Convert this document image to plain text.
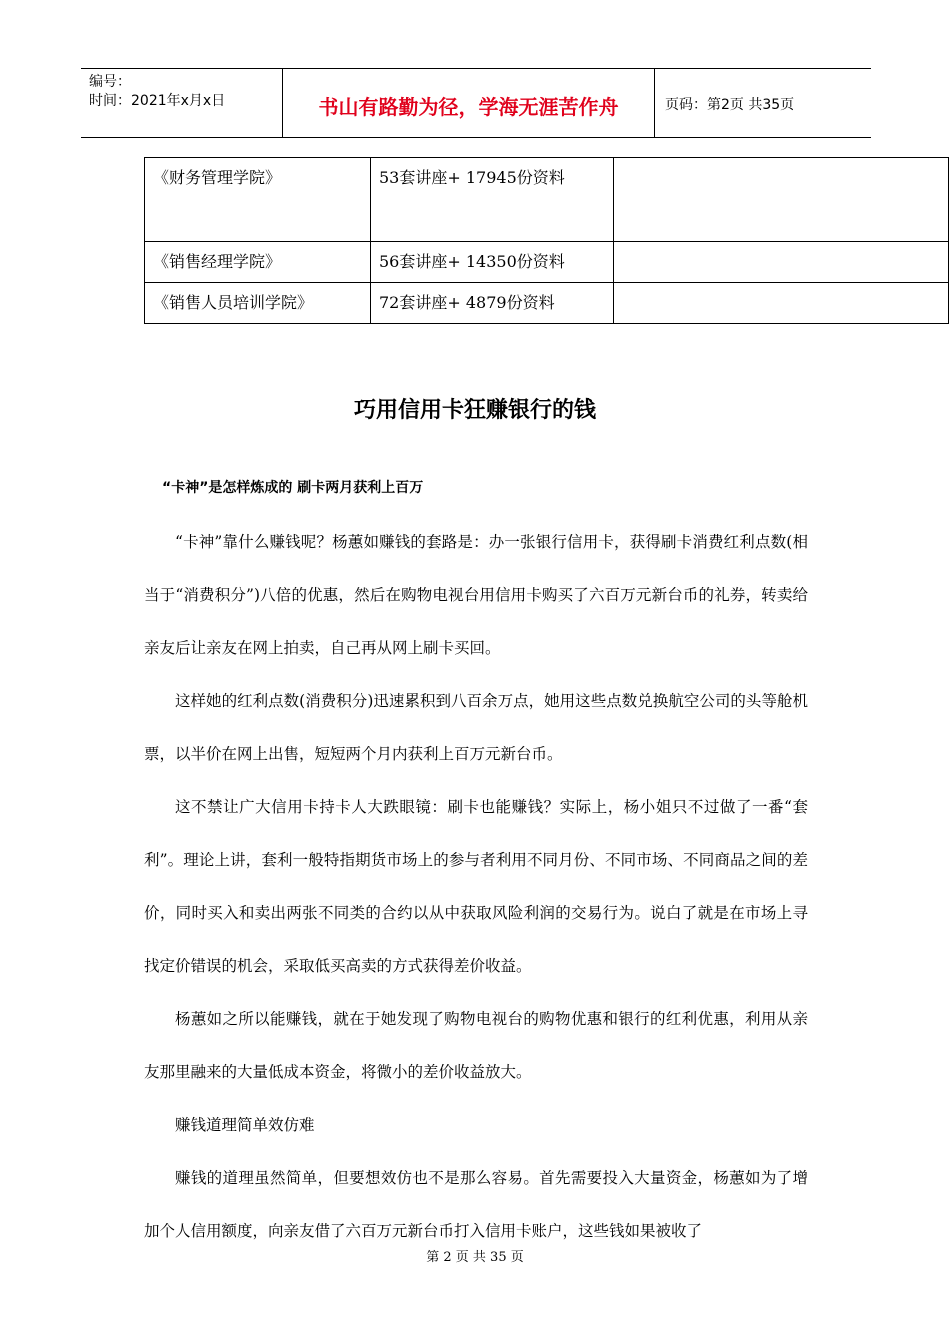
编号：
时间：2021年x月x日	书山有路勤为径，学海无涯苦作舟	页码：第2页 共35页
《财务管理学院》	53套讲座+ 17945份资料	
《销售经理学院》	56套讲座+ 14350份资料	
《销售人员培训学院》	72套讲座+ 4879份资料	
巧用信用卡狂赚银行的钱
“卡神”是怎样炼成的 刷卡两月获利上百万

“卡神”靠什么赚钱呢？杨蕙如赚钱的套路是：办一张银行信用卡，获得刷卡消费红利点数(相当于“消费积分”)八倍的优惠，然后在购物电视台用信用卡购买了六百万元新台币的礼券，转卖给亲友后让亲友在网上拍卖，自己再从网上刷卡买回。

这样她的红利点数(消费积分)迅速累积到八百余万点，她用这些点数兑换航空公司的头等舱机票，以半价在网上出售，短短两个月内获利上百万元新台币。

这不禁让广大信用卡持卡人大跌眼镜：刷卡也能赚钱？实际上，杨小姐只不过做了一番“套利”。理论上讲，套利一般特指期货市场上的参与者利用不同月份、不同市场、不同商品之间的差价，同时买入和卖出两张不同类的合约以从中获取风险利润的交易行为。说白了就是在市场上寻找定价错误的机会，采取低买高卖的方式获得差价收益。

杨蕙如之所以能赚钱，就在于她发现了购物电视台的购物优惠和银行的红利优惠，利用从亲友那里融来的大量低成本资金，将微小的差价收益放大。

赚钱道理简单效仿难

赚钱的道理虽然简单，但要想效仿也不是那么容易。首先需要投入大量资金，杨蕙如为了增加个人信用额度，向亲友借了六百万元新台币打入信用卡账户，这些钱如果被收了

第 2 页 共 35 页
